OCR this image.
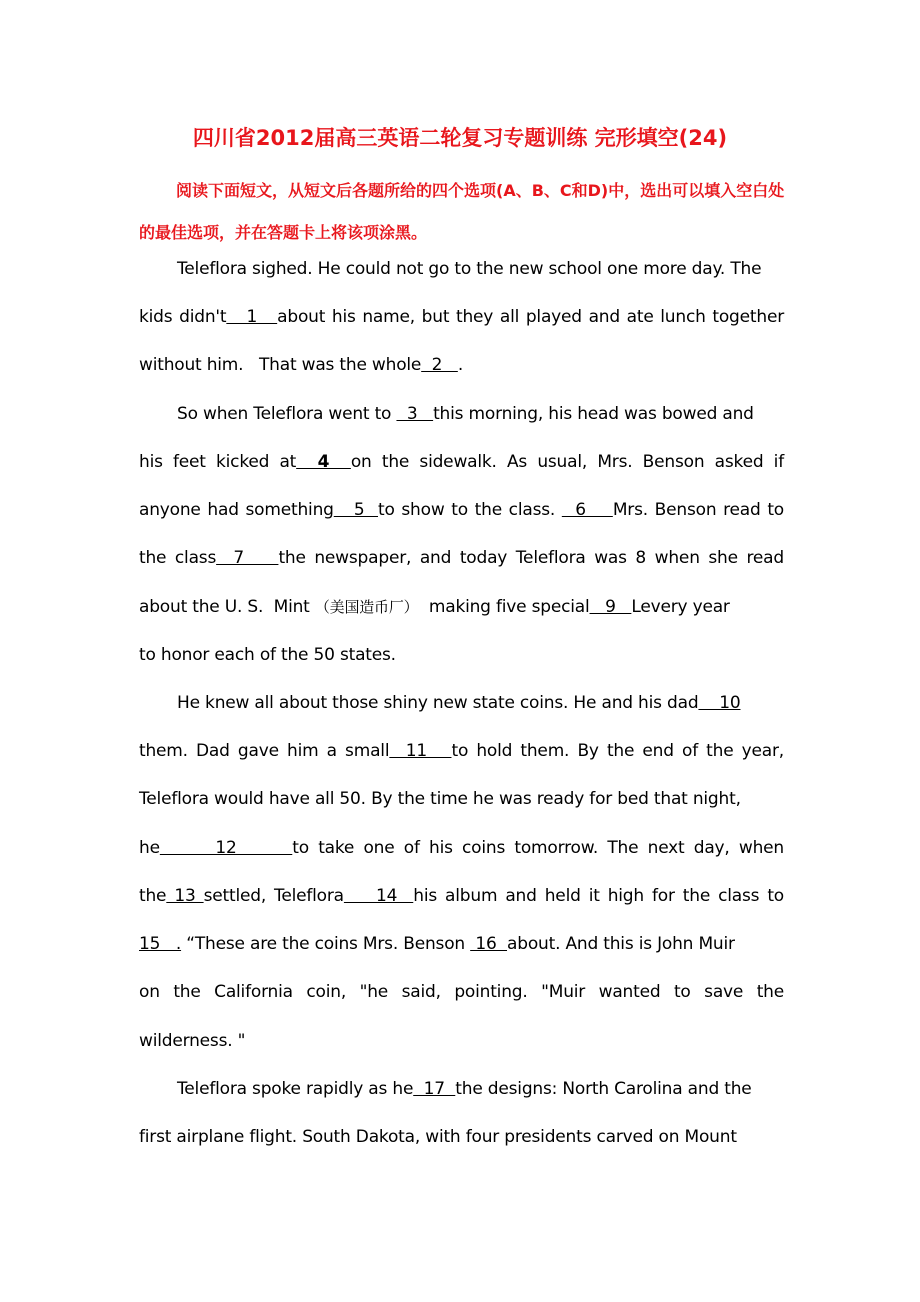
四川省2012届高三英语二轮复习专题训练 完形填空(24)

阅读下面短文，从短文后各题所给的四个选项(A、B、C和D)中，选出可以填入空白处的最佳选项，并在答题卡上将该项涂黑。

Teleflora sighed. He could not go to the new school one more day. The
kids didn't   1   about his name, but they all played and ate lunch together
without him.   That was the whole  2   .
So when Teleflora went to   3   this morning, his head was bowed and
his feet kicked at  4  on the sidewalk. As usual, Mrs. Benson asked if
anyone had something   5  to show to the class.   6    Mrs. Benson read to
the class  7    the newspaper, and today Teleflora was 8 when she read
about the U. S.  Mint （美国造币厂）  making five special   9   Levery year
to honor each of the 50 states.
He knew all about those shiny new state coins. He and his dad    10
them. Dad gave him a small  11   to hold them. By the end of the year,
Teleflora would have all 50. By the time he was ready for bed that night,
he      12      to take one of his coins tomorrow. The next day, when
the 13 settled, Teleflora    14  his album and held it high for the class to
15   . “These are the coins Mrs. Benson  16  about. And this is John Muir
on the California coin, "he said, pointing. "Muir wanted to save the
wilderness. "
Teleflora spoke rapidly as he  17  the designs: North Carolina and the
first airplane flight. South Dakota, with four presidents carved on Mount
